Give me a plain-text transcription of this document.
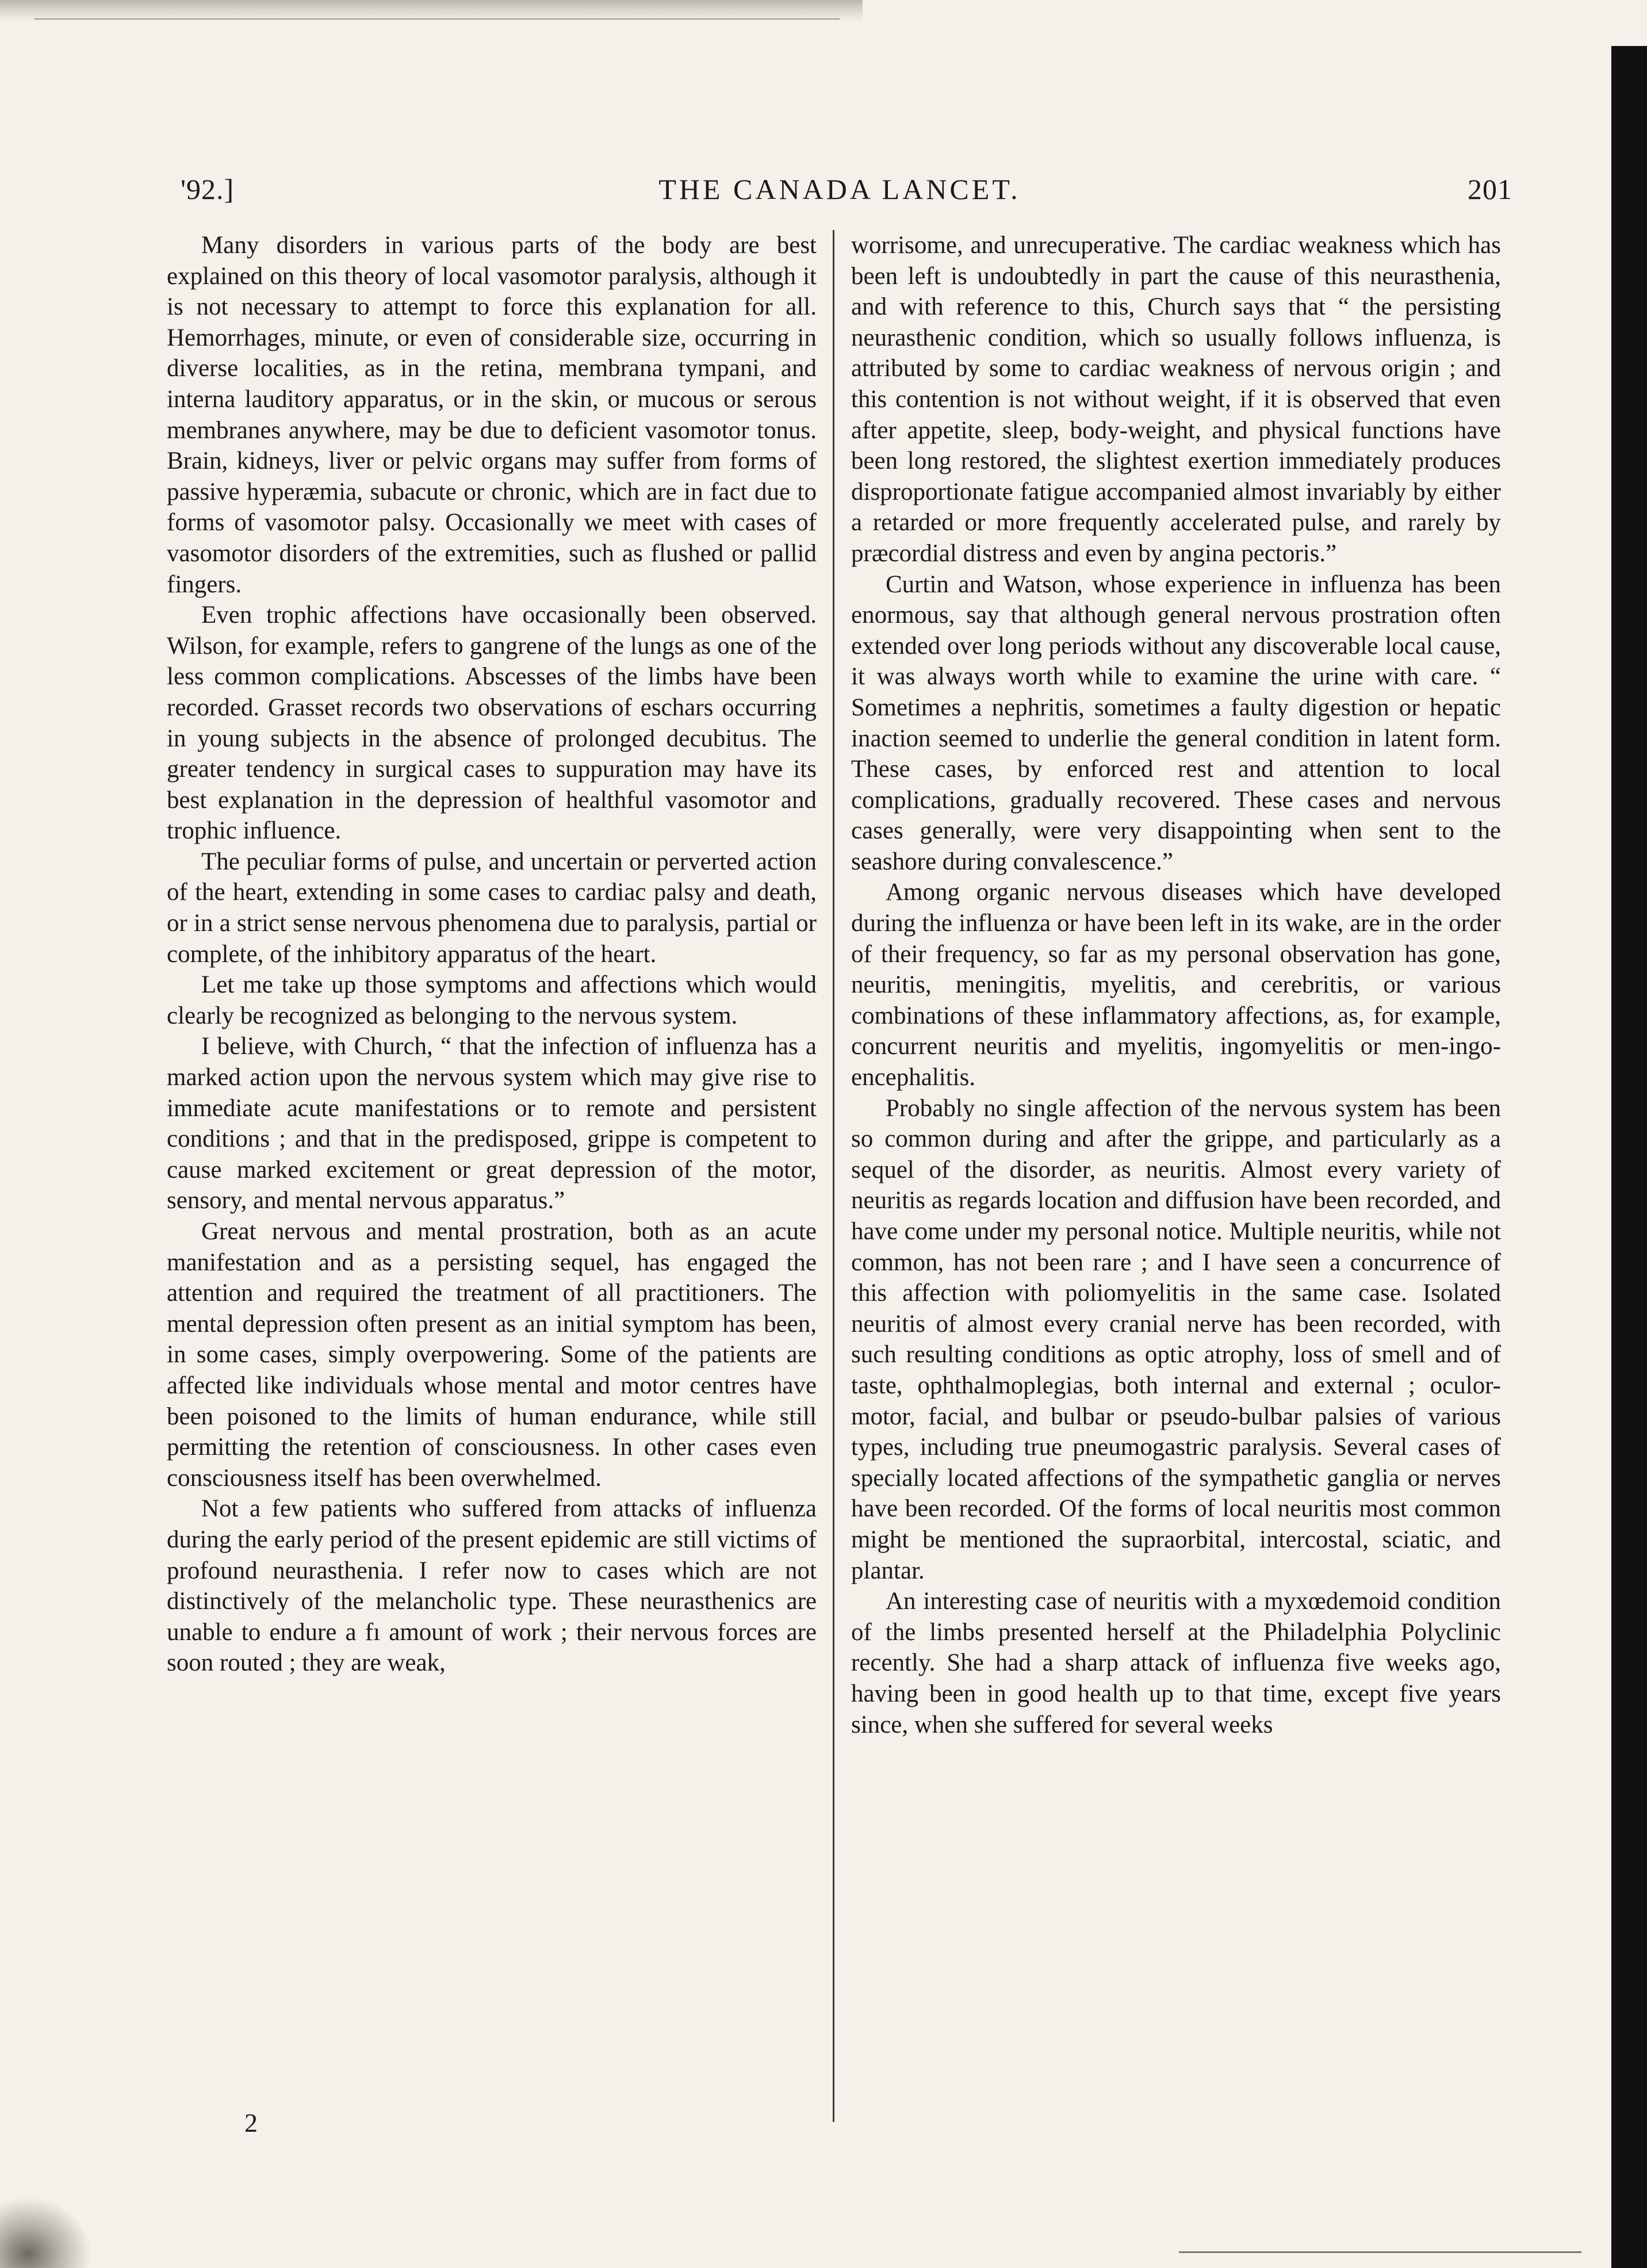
'92.]	THE CANADA LANCET.	201

Many disorders in various parts of the body are best explained on this theory of local vasomotor paralysis, although it is not necessary to attempt to force this explanation for all. Hemorrhages, minute, or even of considerable size, occurring in diverse localities, as in the retina, membrana tympani, and interna lauditory apparatus, or in the skin, or mucous or serous membranes anywhere, may be due to deficient vasomotor tonus. Brain, kidneys, liver or pelvic organs may suffer from forms of passive hyperæmia, subacute or chronic, which are in fact due to forms of vasomotor palsy. Occasionally we meet with cases of vasomotor disorders of the extremities, such as flushed or pallid fingers.

Even trophic affections have occasionally been observed. Wilson, for example, refers to gangrene of the lungs as one of the less common complications. Abscesses of the limbs have been recorded. Grasset records two observations of eschars occurring in young subjects in the absence of prolonged decubitus. The greater tendency in surgical cases to suppuration may have its best explanation in the depression of healthful vasomotor and trophic influence.

The peculiar forms of pulse, and uncertain or perverted action of the heart, extending in some cases to cardiac palsy and death, or in a strict sense nervous phenomena due to paralysis, partial or complete, of the inhibitory apparatus of the heart.

Let me take up those symptoms and affections which would clearly be recognized as belonging to the nervous system.

I believe, with Church, “ that the infection of influenza has a marked action upon the nervous system which may give rise to immediate acute manifestations or to remote and persistent conditions ; and that in the predisposed, grippe is competent to cause marked excitement or great depression of the motor, sensory, and mental nervous apparatus.”

Great nervous and mental prostration, both as an acute manifestation and as a persisting sequel, has engaged the attention and required the treatment of all practitioners. The mental depression often present as an initial symptom has been, in some cases, simply overpowering. Some of the patients are affected like individuals whose mental and motor centres have been poisoned to the limits of human endurance, while still permitting the retention of consciousness. In other cases even consciousness itself has been overwhelmed.

Not a few patients who suffered from attacks of influenza during the early period of the present epidemic are still victims of profound neurasthenia. I refer now to cases which are not distinctively of the melancholic type. These neurasthenics are unable to endure a fı amount of work ; their nervous forces are soon routed ; they are weak,

worrisome, and unrecuperative. The cardiac weakness which has been left is undoubtedly in part the cause of this neurasthenia, and with reference to this, Church says that “ the persisting neurasthenic condition, which so usually follows influenza, is attributed by some to cardiac weakness of nervous origin ; and this contention is not without weight, if it is observed that even after appetite, sleep, body-weight, and physical functions have been long restored, the slightest exertion immediately produces disproportionate fatigue accompanied almost invariably by either a retarded or more frequently accelerated pulse, and rarely by præcordial distress and even by angina pectoris.”

Curtin and Watson, whose experience in influenza has been enormous, say that although general nervous prostration often extended over long periods without any discoverable local cause, it was always worth while to examine the urine with care. “ Sometimes a nephritis, sometimes a faulty digestion or hepatic inaction seemed to underlie the general condition in latent form. These cases, by enforced rest and attention to local complications, gradually recovered. These cases and nervous cases generally, were very disappointing when sent to the seashore during convalescence.”

Among organic nervous diseases which have developed during the influenza or have been left in its wake, are in the order of their frequency, so far as my personal observation has gone, neuritis, meningitis, myelitis, and cerebritis, or various combinations of these inflammatory affections, as, for example, concurrent neuritis and myelitis, ingomyelitis or men-ingo-encephalitis.

Probably no single affection of the nervous system has been so common during and after the grippe, and particularly as a sequel of the disorder, as neuritis. Almost every variety of neuritis as regards location and diffusion have been recorded, and have come under my personal notice. Multiple neuritis, while not common, has not been rare ; and I have seen a concurrence of this affection with poliomyelitis in the same case. Isolated neuritis of almost every cranial nerve has been recorded, with such resulting conditions as optic atrophy, loss of smell and of taste, ophthalmoplegias, both internal and external ; oculor-motor, facial, and bulbar or pseudo-bulbar palsies of various types, including true pneumogastric paralysis. Several cases of specially located affections of the sympathetic ganglia or nerves have been recorded. Of the forms of local neuritis most common might be mentioned the supraorbital, intercostal, sciatic, and plantar.

An interesting case of neuritis with a myxœdemoid condition of the limbs presented herself at the Philadelphia Polyclinic recently. She had a sharp attack of influenza five weeks ago, having been in good health up to that time, except five years since, when she suffered for several weeks

2
